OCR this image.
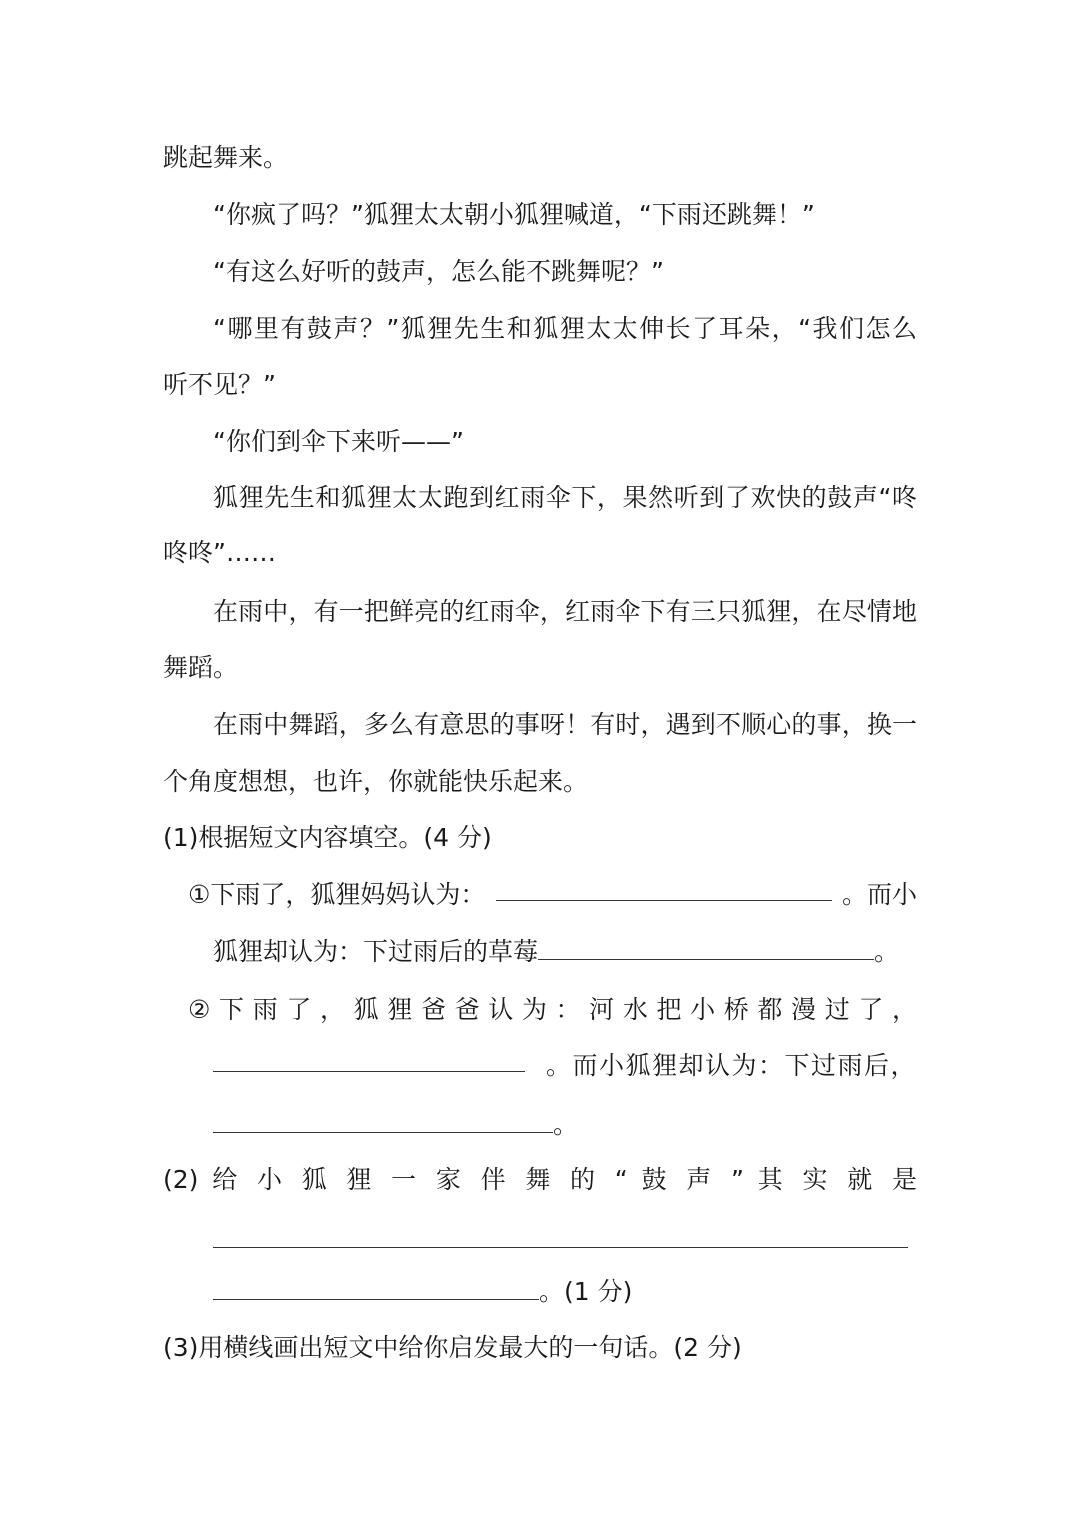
跳起舞来。
“你疯了吗？”狐狸太太朝小狐狸喊道，“下雨还跳舞！”
“有这么好听的鼓声，怎么能不跳舞呢？”
“哪里有鼓声？”狐狸先生和狐狸太太伸长了耳朵，“我们怎么
听不见？”
“你们到伞下来听——”
狐狸先生和狐狸太太跑到红雨伞下，果然听到了欢快的鼓声“咚
咚咚”……
在雨中，有一把鲜亮的红雨伞，红雨伞下有三只狐狸，在尽情地
舞蹈。
在雨中舞蹈，多么有意思的事呀！有时，遇到不顺心的事，换一
个角度想想，也许，你就能快乐起来。
(1)根据短文内容填空。(4 分)
①下雨了，狐狸妈妈认为：	。而小
狐狸却认为：下过雨后的草莓	。
② 下 雨 了 ， 狐 狸 爸 爸 认 为 ： 河 水 把 小 桥 都 漫 过 了 ，
。而小狐狸却认为：下过雨后，
。
(2) 给 小 狐 狸 一 家 伴 舞 的 “ 鼓 声 ” 其 实 就 是
。(1 分)
(3)用横线画出短文中给你启发最大的一句话。(2 分)
